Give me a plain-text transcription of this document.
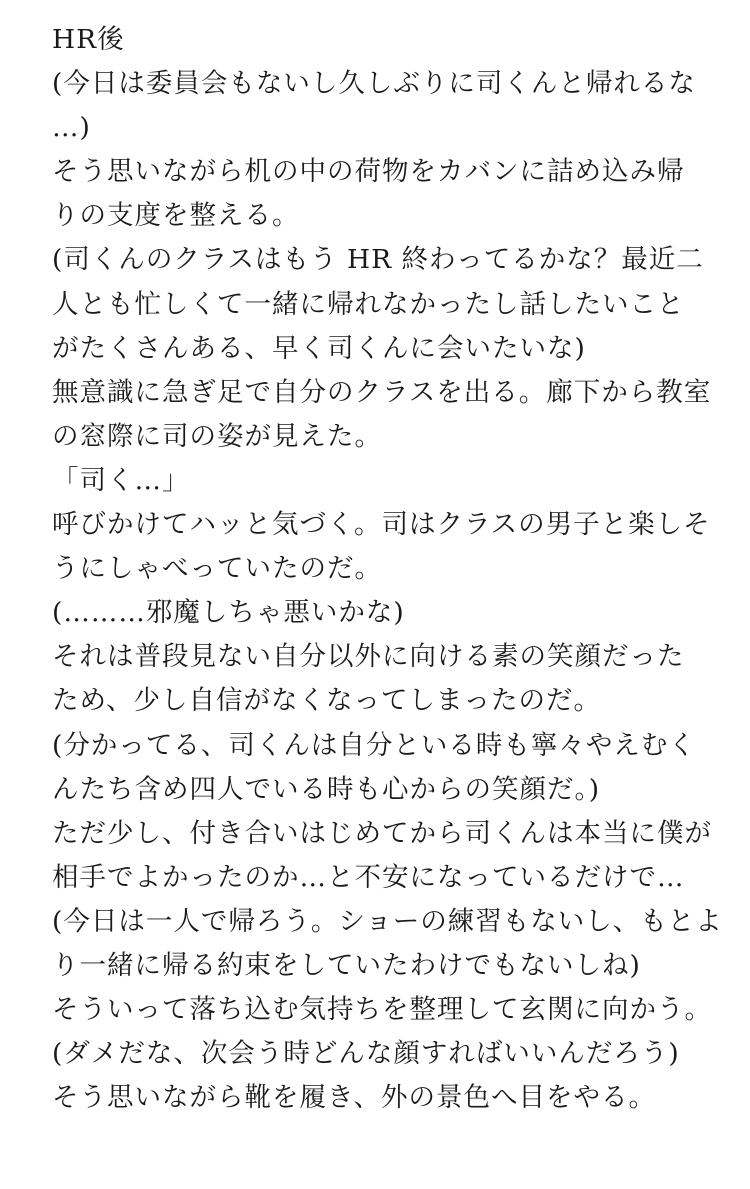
HR後
(今日は委員会もないし久しぶりに司くんと帰れるな
…)
そう思いながら机の中の荷物をカバンに詰め込み帰
りの支度を整える。
(司くんのクラスはもう HR 終わってるかな？最近二
人とも忙しくて一緒に帰れなかったし話したいこと
がたくさんある、早く司くんに会いたいな)
無意識に急ぎ足で自分のクラスを出る。廊下から教室
の窓際に司の姿が見えた。
「司く…」
呼びかけてハッと気づく。司はクラスの男子と楽しそ
うにしゃべっていたのだ。
(………邪魔しちゃ悪いかな)
それは普段見ない自分以外に向ける素の笑顔だった
ため、少し自信がなくなってしまったのだ。
(分かってる、司くんは自分といる時も寧々やえむく
んたち含め四人でいる時も心からの笑顔だ。)
ただ少し、付き合いはじめてから司くんは本当に僕が
相手でよかったのか…と不安になっているだけで…
(今日は一人で帰ろう。ショーの練習もないし、もとよ
り一緒に帰る約束をしていたわけでもないしね)
そういって落ち込む気持ちを整理して玄関に向かう。
(ダメだな、次会う時どんな顔すればいいんだろう)
そう思いながら靴を履き、外の景色へ目をやる。
